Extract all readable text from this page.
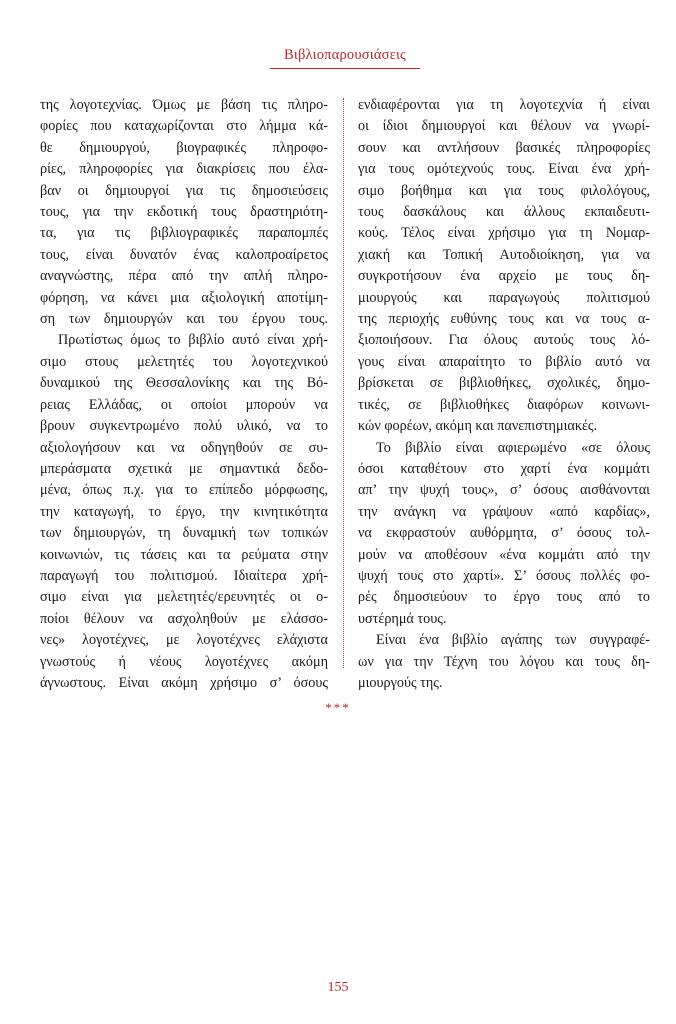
Βιβλιοπαρουσιάσεις
της λογοτεχνίας. Όμως με βάση τις πληρο-
φορίες που καταχωρίζονται στο λήμμα κά-
θε δημιουργού, βιογραφικές πληροφο-
ρίες, πληροφορίες για διακρίσεις που έλα-
βαν οι δημιουργοί για τις δημοσιεύσεις
τους, για την εκδοτική τους δραστηριότη-
τα, για τις βιβλιογραφικές παραπομπές
τους, είναι δυνατόν ένας καλοπροαίρετος
αναγνώστης, πέρα από την απλή πληρο-
φόρηση, να κάνει μια αξιολογική αποτίμη-
ση των δημιουργών και του έργου τους.
Πρωτίστως όμως το βιβλίο αυτό είναι χρή-
σιμο στους μελετητές του λογοτεχνικού
δυναμικού της Θεσσαλονίκης και της Βό-
ρειας Ελλάδας, οι οποίοι μπορούν να
βρουν συγκεντρωμένο πολύ υλικό, να το
αξιολογήσουν και να οδηγηθούν σε συ-
μπεράσματα σχετικά με σημαντικά δεδο-
μένα, όπως π.χ. για το επίπεδο μόρφωσης,
την καταγωγή, το έργο, την κινητικότητα
των δημιουργών, τη δυναμική των τοπικών
κοινωνιών, τις τάσεις και τα ρεύματα στην
παραγωγή του πολιτισμού. Ιδιαίτερα χρή-
σιμο είναι για μελετητές/ερευνητές οι ο-
ποίοι θέλουν να ασχοληθούν με ελάσσο-
νες» λογοτέχνες, με λογοτέχνες ελάχιστα
γνωστούς ή νέους λογοτέχνες ακόμη
άγνωστους. Είναι ακόμη χρήσιμο σ’ όσους
ενδιαφέρονται για τη λογοτεχνία ή είναι
οι ίδιοι δημιουργοί και θέλουν να γνωρί-
σουν και αντλήσουν βασικές πληροφορίες
για τους ομότεχνούς τους. Είναι ένα χρή-
σιμο βοήθημα και για τους φιλολόγους,
τους δασκάλους και άλλους εκπαιδευτι-
κούς. Τέλος είναι χρήσιμο για τη Νομαρ-
χιακή και Τοπική Αυτοδιοίκηση, για να
συγκροτήσουν ένα αρχείο με τους δη-
μιουργούς και παραγωγούς πολιτισμού
της περιοχής ευθύνης τους και να τους α-
ξιοποιήσουν. Για όλους αυτούς τους λό-
γους είναι απαραίτητο το βιβλίο αυτό να
βρίσκεται σε βιβλιοθήκες, σχολικές, δημο-
τικές, σε βιβλιοθήκες διαφόρων κοινωνι-
κών φορέων, ακόμη και πανεπιστημιακές.
Το βιβλίο είναι αφιερωμένο «σε όλους
όσοι καταθέτουν στο χαρτί ένα κομμάτι
απ’ την ψυχή τους», σ’ όσους αισθάνονται
την ανάγκη να γράψουν «από καρδίας»,
να εκφραστούν αυθόρμητα, σ’ όσους τολ-
μούν να αποθέσουν «ένα κομμάτι από την
ψυχή τους στο χαρτί». Σ’ όσους πολλές φο-
ρές δημοσιεύουν το έργο τους από το
υστέρημά τους.
Είναι ένα βιβλίο αγάπης των συγγραφέ-
ων για την Τέχνη του λόγου και τους δη-
μιουργούς της.
***
155
